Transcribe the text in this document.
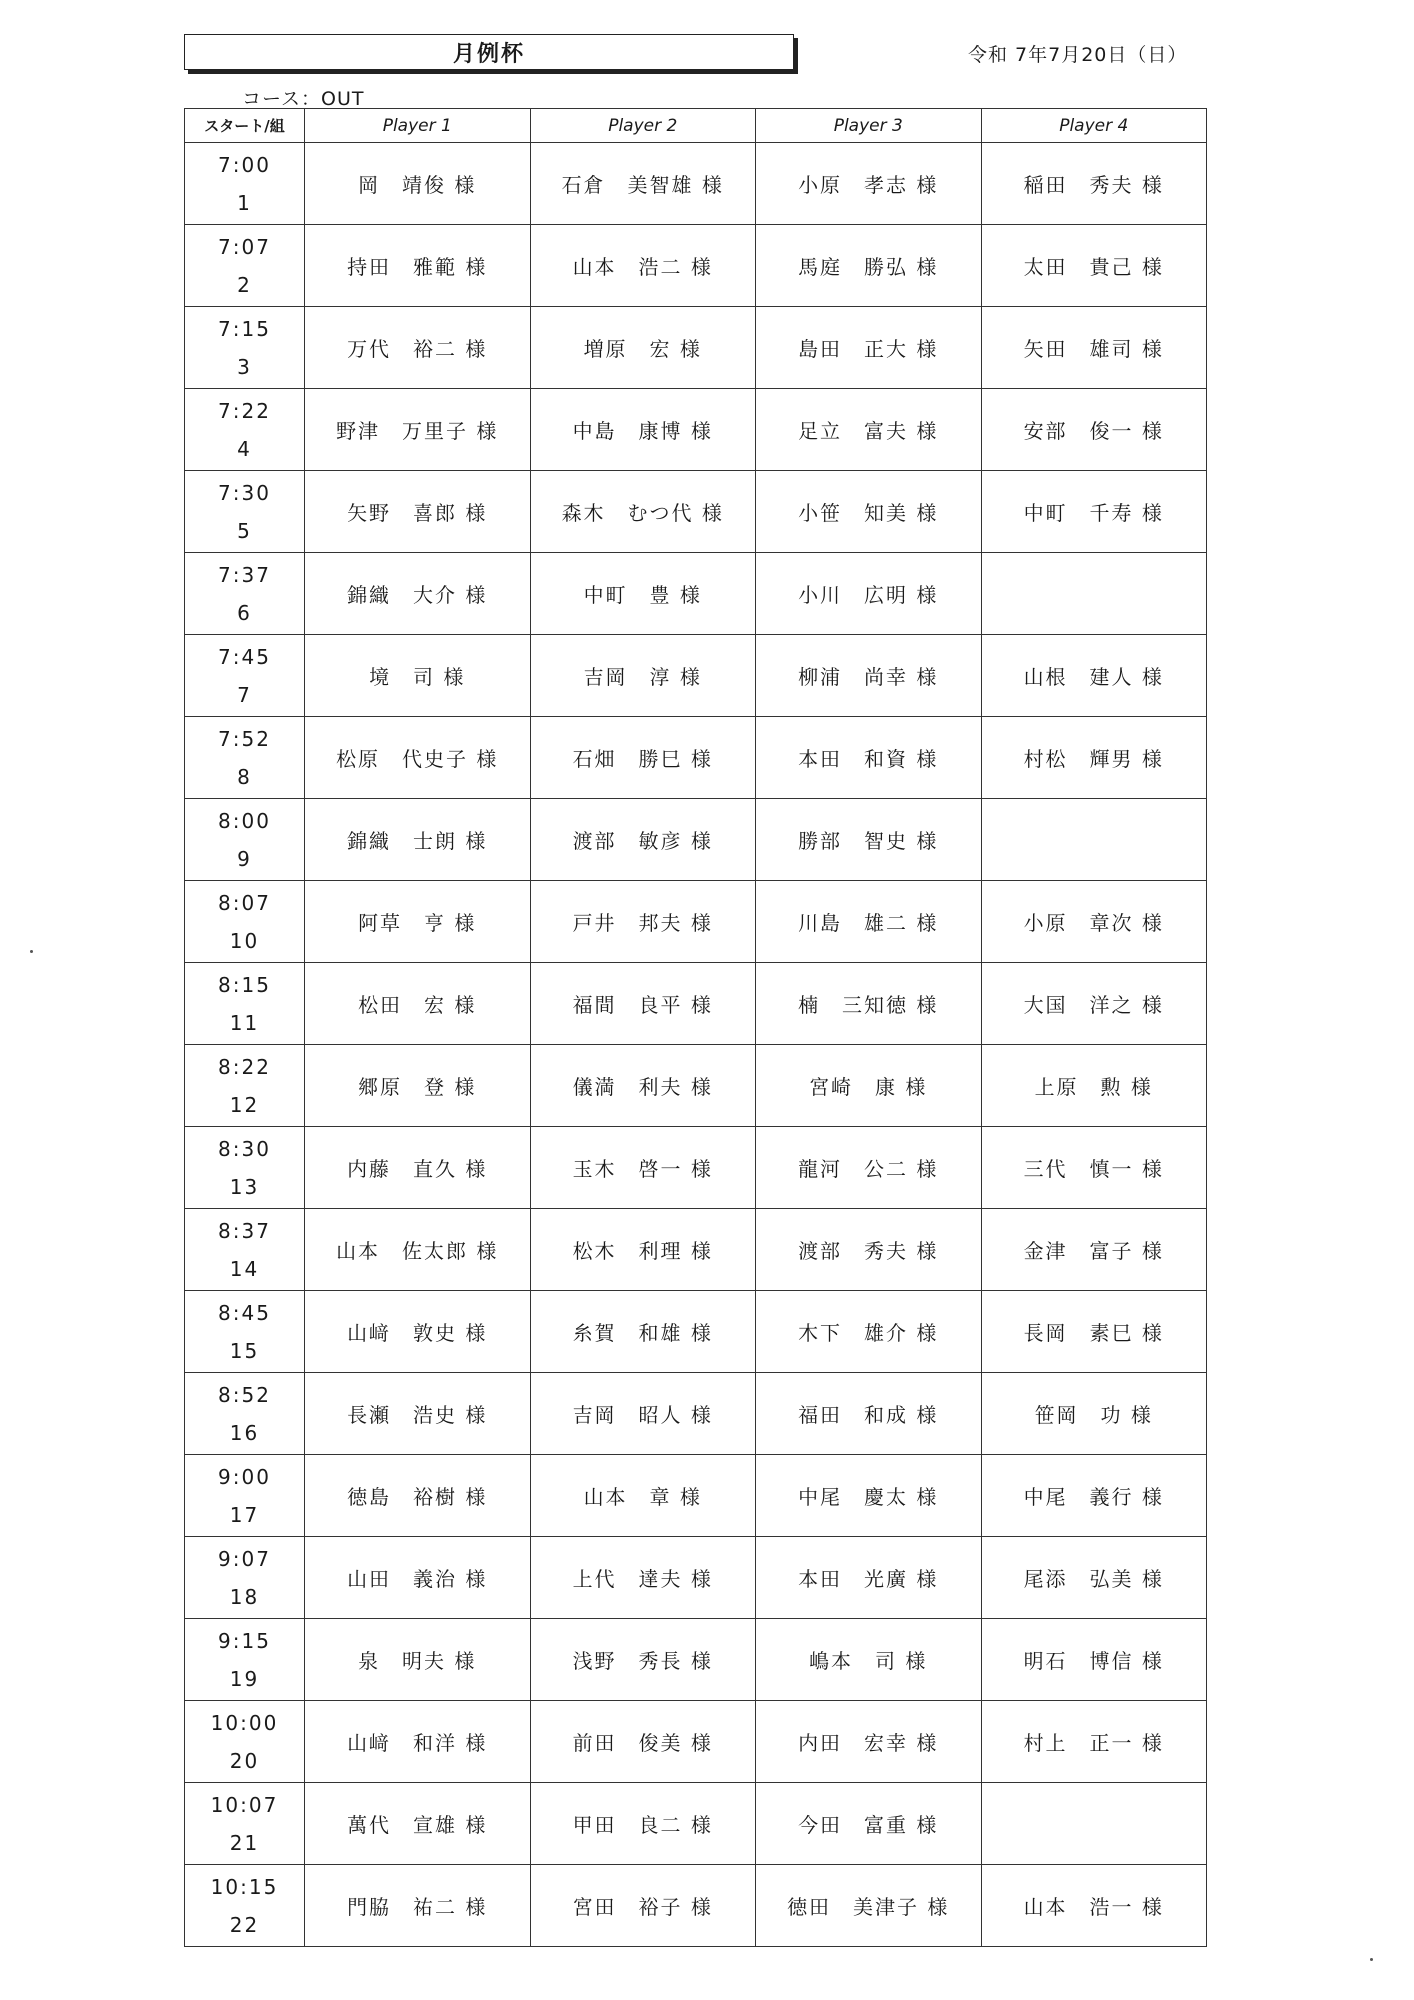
月例杯	令和 7年7月20日（日）
コース：OUT
スタート/組	Player 1	Player 2	Player 3	Player 4

7:00
1	岡　靖俊 様	石倉　美智雄 様	小原　孝志 様	稲田　秀夫 様

7:07
2	持田　雅範 様	山本　浩二 様	馬庭　勝弘 様	太田　貴己 様

7:15
3	万代　裕二 様	増原　宏 様	島田　正大 様	矢田　雄司 様

7:22
4	野津　万里子 様	中島　康博 様	足立　富夫 様	安部　俊一 様

7:30
5	矢野　喜郎 様	森木　むつ代 様	小笹　知美 様	中町　千寿 様

7:37
6	錦織　大介 様	中町　豊 様	小川　広明 様	

7:45
7	境　司 様	吉岡　淳 様	柳浦　尚幸 様	山根　建人 様

7:52
8	松原　代史子 様	石畑　勝巳 様	本田　和資 様	村松　輝男 様

8:00
9	錦織　士朗 様	渡部　敏彦 様	勝部　智史 様	

8:07
10	阿草　亨 様	戸井　邦夫 様	川島　雄二 様	小原　章次 様

8:15
11	松田　宏 様	福間　良平 様	楠　三知徳 様	大国　洋之 様

8:22
12	郷原　登 様	儀満　利夫 様	宮崎　康 様	上原　勲 様

8:30
13	内藤　直久 様	玉木　啓一 様	龍河　公二 様	三代　慎一 様

8:37
14	山本　佐太郎 様	松木　利理 様	渡部　秀夫 様	金津　富子 様

8:45
15	山﨑　敦史 様	糸賀　和雄 様	木下　雄介 様	長岡　素巳 様

8:52
16	長瀬　浩史 様	吉岡　昭人 様	福田　和成 様	笹岡　功 様

9:00
17	徳島　裕樹 様	山本　章 様	中尾　慶太 様	中尾　義行 様

9:07
18	山田　義治 様	上代　達夫 様	本田　光廣 様	尾添　弘美 様

9:15
19	泉　明夫 様	浅野　秀長 様	嶋本　司 様	明石　博信 様

10:00
20	山﨑　和洋 様	前田　俊美 様	内田　宏幸 様	村上　正一 様

10:07
21	萬代　宣雄 様	甲田　良二 様	今田　富重 様	

10:15
22	門脇　祐二 様	宮田　裕子 様	徳田　美津子 様	山本　浩一 様
